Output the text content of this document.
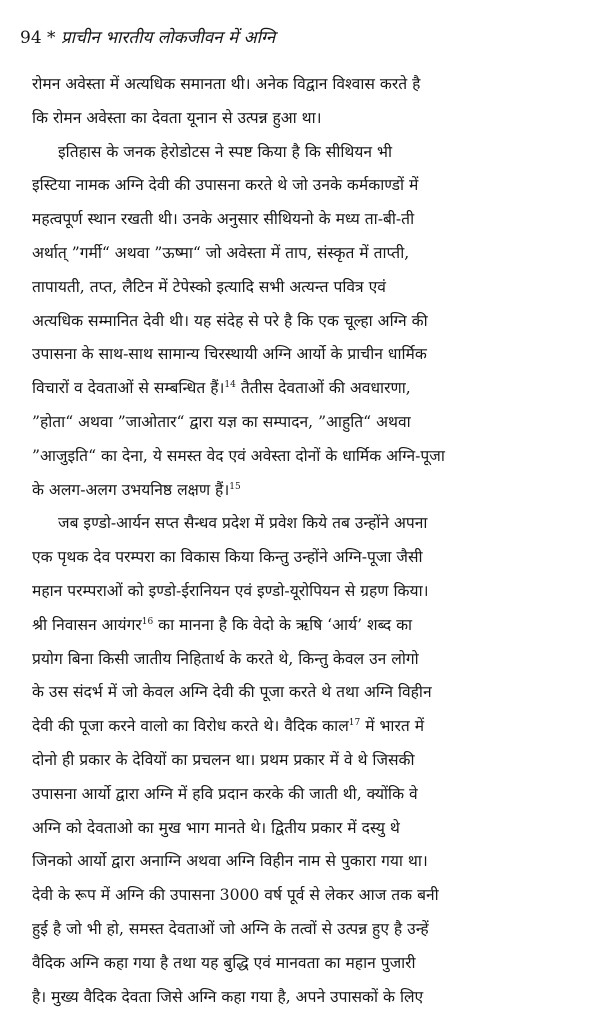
94 * प्राचीन भारतीय लोकजीवन में अग्नि
रोमन अवेस्ता में अत्यधिक समानता थी। अनेक विद्वान विश्वास करते है
कि रोमन अवेस्ता का देवता यूनान से उत्पन्न हुआ था।
इतिहास के जनक हेरोडोटस ने स्पष्ट किया है कि सीथियन भी
इस्टिया नामक अग्नि देवी की उपासना करते थे जो उनके कर्मकाण्डों में
महत्वपूर्ण स्थान रखती थी। उनके अनुसार सीथियनो के मध्य ता-बी-ती
अर्थात् ”गर्मी“ अथवा ”ऊष्मा“ जो अवेस्ता में ताप, संस्कृत में ताप्ती,
तापायती, तप्त, लैटिन में टेपेस्को इत्यादि सभी अत्यन्त पवित्र एवं
अत्यधिक सम्मानित देवी थी। यह संदेह से परे है कि एक चूल्हा अग्नि की
उपासना के साथ-साथ सामान्य चिरस्थायी अग्नि आर्यो के प्राचीन धार्मिक
विचारों व देवताओं से सम्बन्धित हैं।$^{14}$ तैतीस देवताओं की अवधारणा,
”होता“ अथवा ”जाओतार“ द्वारा यज्ञ का सम्पादन, ”आहुति“ अथवा
”आजुइति“ का देना, ये समस्त वेद एवं अवेस्ता दोनों के धार्मिक अग्नि-पूजा
के अलग-अलग उभयनिष्ठ लक्षण हैं।$^{15}$
जब इण्डो-आर्यन सप्त सैन्धव प्रदेश में प्रवेश किये तब उन्होंने अपना
एक पृथक देव परम्परा का विकास किया किन्तु उन्होंने अग्नि-पूजा जैसी
महान परम्पराओं को इण्डो-ईरानियन एवं इण्डो-यूरोपियन से ग्रहण किया।
श्री निवासन आयंगर$^{16}$ का मानना है कि वेदो के ऋषि ‘आर्य’ शब्द का
प्रयोग बिना किसी जातीय निहितार्थ के करते थे, किन्तु केवल उन लोगो
के उस संदर्भ में जो केवल अग्नि देवी की पूजा करते थे तथा अग्नि विहीन
देवी की पूजा करने वालो का विरोध करते थे। वैदिक काल$^{17}$ में भारत में
दोनो ही प्रकार के देवियों का प्रचलन था। प्रथम प्रकार में वे थे जिसकी
उपासना आर्यो द्वारा अग्नि में हवि प्रदान करके की जाती थी, क्योंकि वे
अग्नि को देवताओ का मुख भाग मानते थे। द्वितीय प्रकार में दस्यु थे
जिनको आर्यो द्वारा अनाग्नि अथवा अग्नि विहीन नाम से पुकारा गया था।
देवी के रूप में अग्नि की उपासना 3000 वर्ष पूर्व से लेकर आज तक बनी
हुई है जो भी हो, समस्त देवताओं जो अग्नि के तत्वों से उत्पन्न हुए है उन्हें
वैदिक अग्नि कहा गया है तथा यह बुद्धि एवं मानवता का महान पुजारी
है। मुख्य वैदिक देवता जिसे अग्नि कहा गया है, अपने उपासकों के लिए
